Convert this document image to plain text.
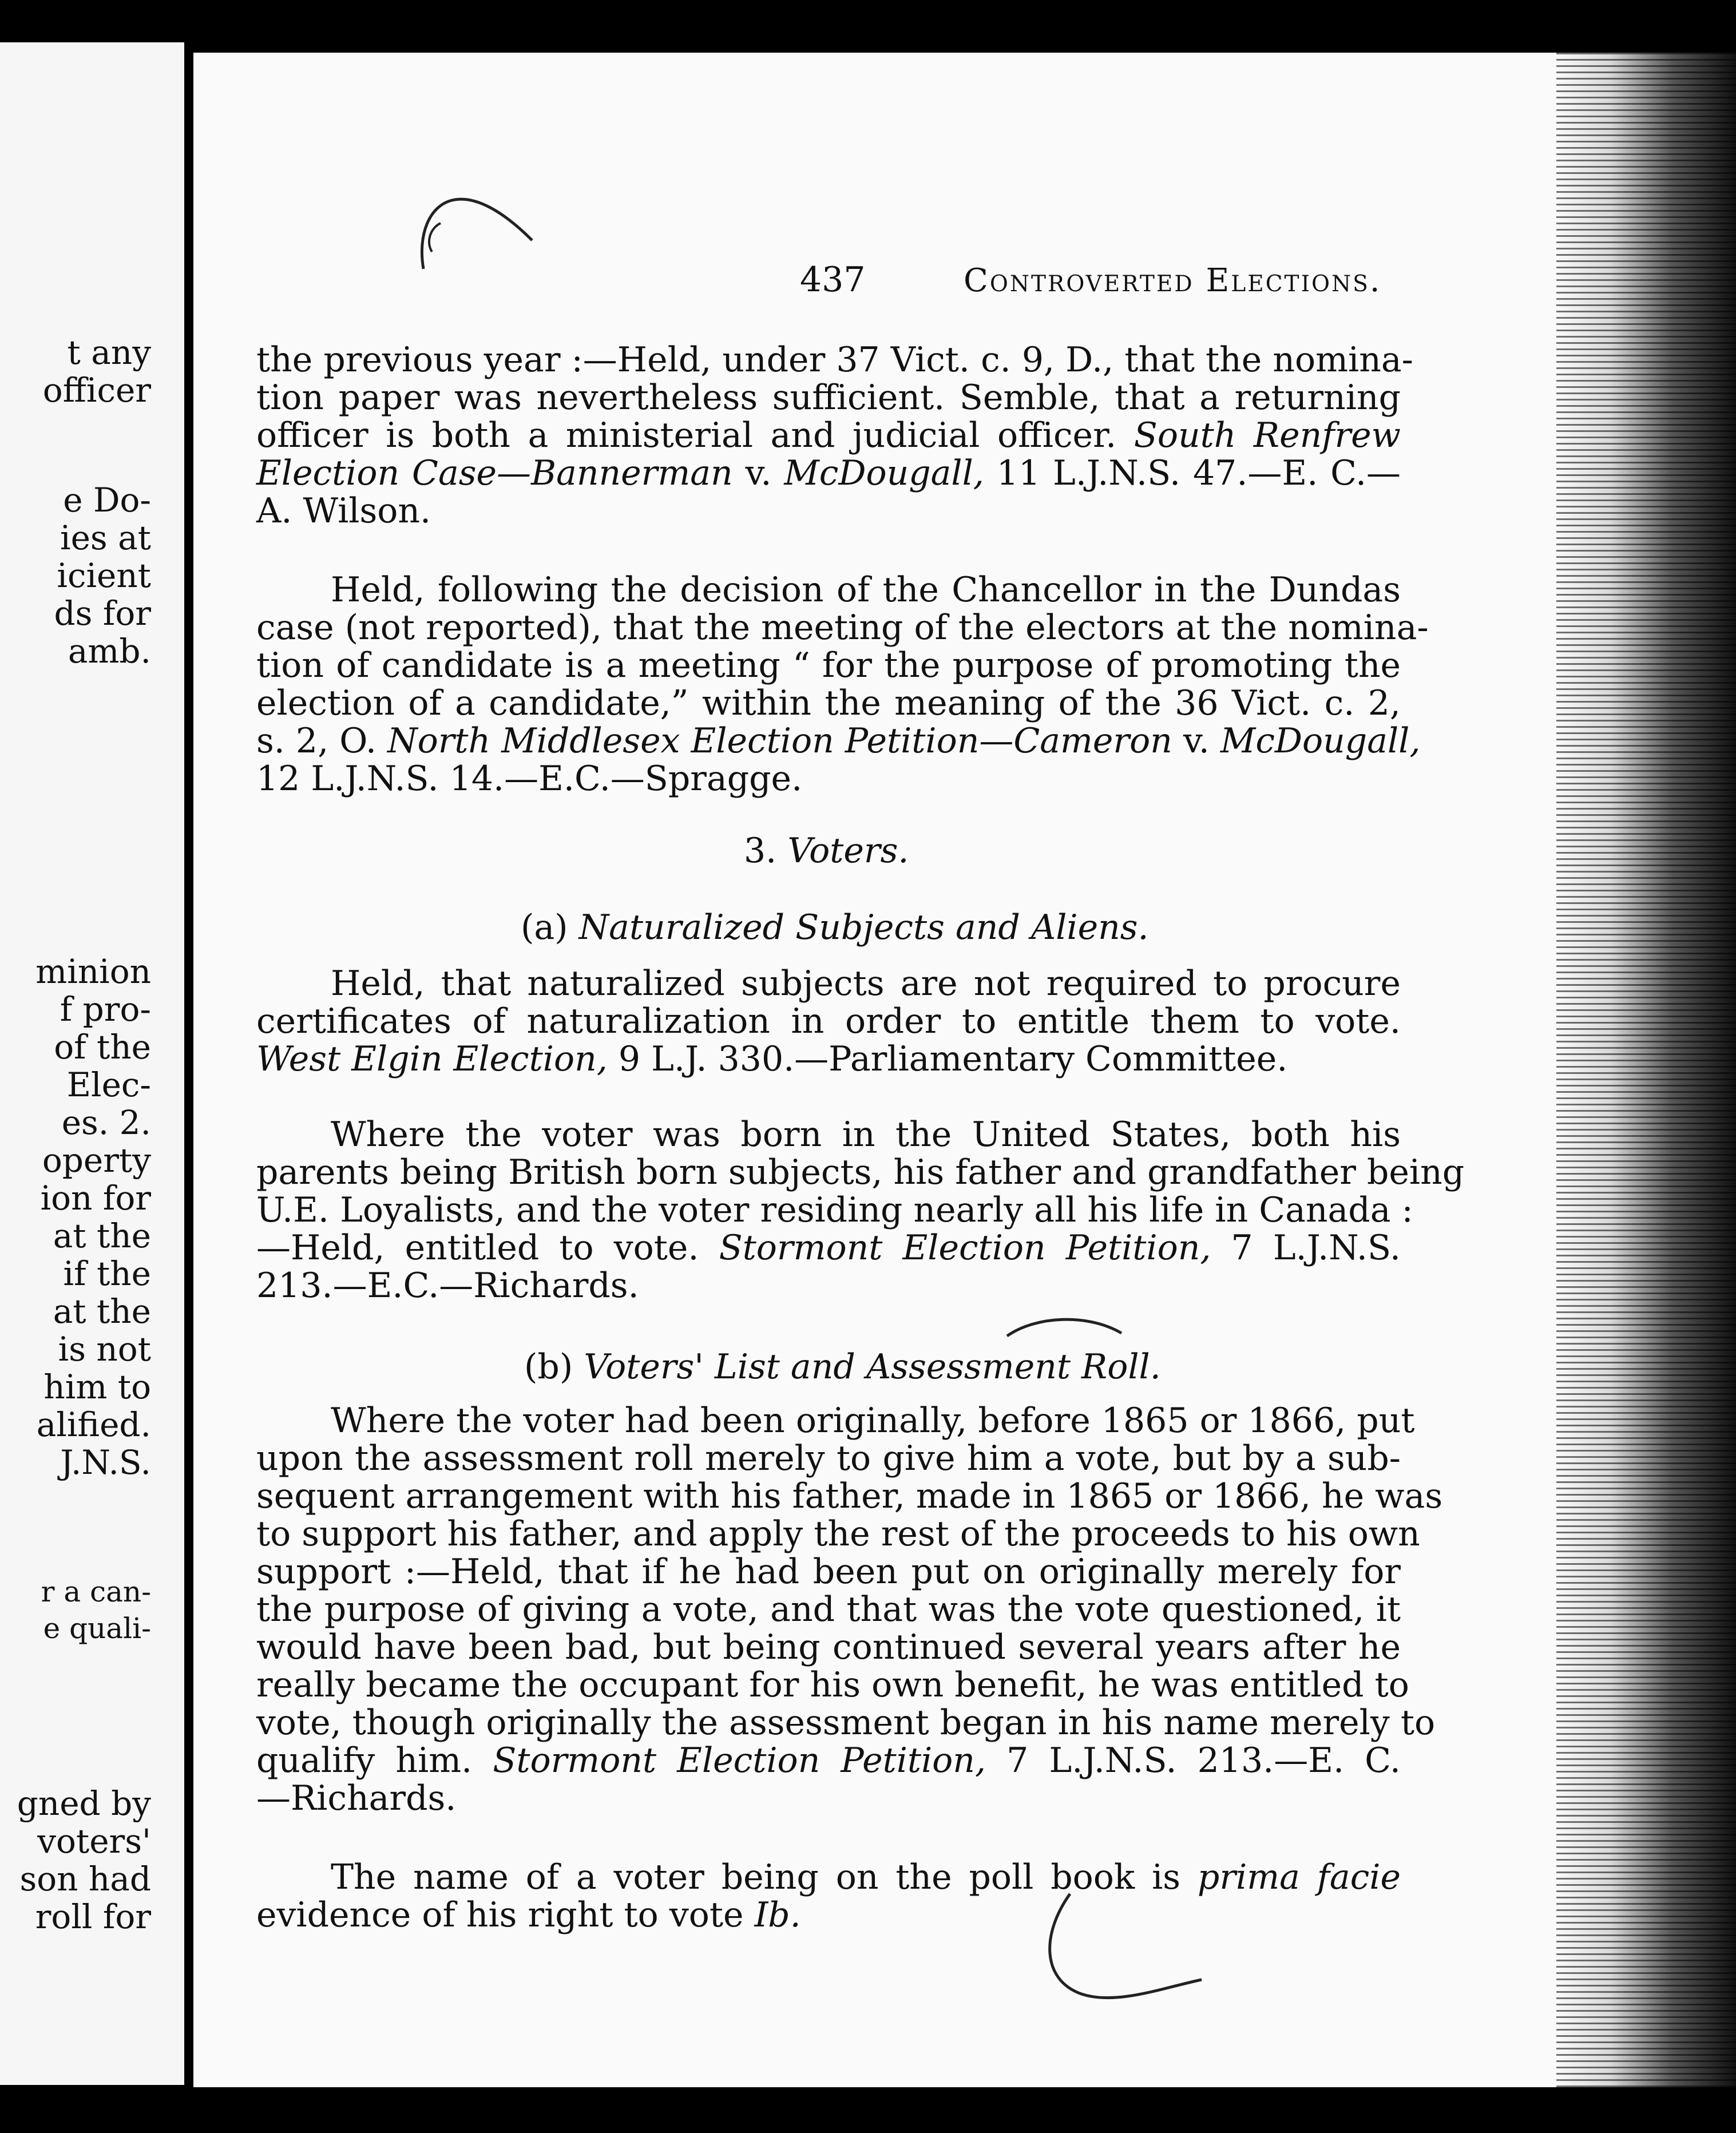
t any
officer
e Do-
ies at
icient
ds for
amb.
minion
f pro-
of the
Elec-
es. 2.
operty
ion for
at the
if the
at the
is not
him to
alified.
J.N.S.
r a can-
e quali-
gned by
voters'
son had
roll for
437	Controverted Elections.
the previous year :—Held, under 37 Vict. c. 9, D., that the nomina-
tion paper was nevertheless sufficient. Semble, that a returning
officer is both a ministerial and judicial officer. South Renfrew
Election Case—Bannerman v. McDougall, 11 L.J.N.S. 47.—E. C.—
A. Wilson.
Held, following the decision of the Chancellor in the Dundas
case (not reported), that the meeting of the electors at the nomina-
tion of candidate is a meeting “ for the purpose of promoting the
election of a candidate,” within the meaning of the 36 Vict. c. 2,
s. 2, O. North Middlesex Election Petition—Cameron v. McDougall,
12 L.J.N.S. 14.—E.C.—Spragge.
3. Voters.
(a) Naturalized Subjects and Aliens.
Held, that naturalized subjects are not required to procure
certificates of naturalization in order to entitle them to vote.
West Elgin Election, 9 L.J. 330.—Parliamentary Committee.
Where the voter was born in the United States, both his
parents being British born subjects, his father and grandfather being
U.E. Loyalists, and the voter residing nearly all his life in Canada :
—Held, entitled to vote. Stormont Election Petition, 7 L.J.N.S.
213.—E.C.—Richards.
(b) Voters' List and Assessment Roll.
Where the voter had been originally, before 1865 or 1866, put
upon the assessment roll merely to give him a vote, but by a sub-
sequent arrangement with his father, made in 1865 or 1866, he was
to support his father, and apply the rest of the proceeds to his own
support :—Held, that if he had been put on originally merely for
the purpose of giving a vote, and that was the vote questioned, it
would have been bad, but being continued several years after he
really became the occupant for his own benefit, he was entitled to
vote, though originally the assessment began in his name merely to
qualify him. Stormont Election Petition, 7 L.J.N.S. 213.—E. C.
—Richards.
The name of a voter being on the poll book is prima facie
evidence of his right to vote Ib.
